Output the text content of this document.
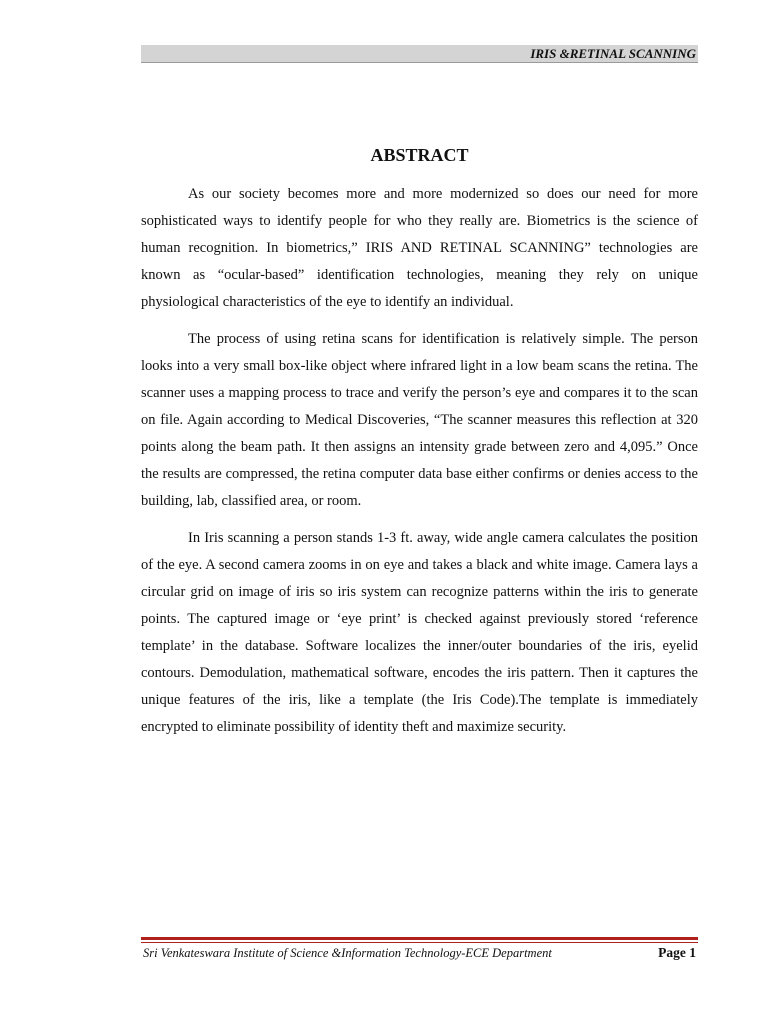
IRIS &RETINAL SCANNING
ABSTRACT

As our society becomes more and more modernized so does our need for more sophisticated ways to identify people for who they really are. Biometrics is the science of human recognition. In biometrics,” IRIS AND RETINAL SCANNING” technologies are known as “ocular-based” identification technologies, meaning they rely on unique physiological characteristics of the eye to identify an individual.

The process of using retina scans for identification is relatively simple. The person looks into a very small box-like object where infrared light in a low beam scans the retina. The scanner uses a mapping process to trace and verify the person’s eye and compares it to the scan on file. Again according to Medical Discoveries, “The scanner measures this reflection at 320 points along the beam path. It then assigns an intensity grade between zero and 4,095.” Once the results are compressed, the retina computer data base either confirms or denies access to the building, lab, classified area, or room.

In Iris scanning a person stands 1-3 ft. away, wide angle camera calculates the position of the eye. A second camera zooms in on eye and takes a black and white image. Camera lays a circular grid on image of iris so iris system can recognize patterns within the iris to generate points. The captured image or ‘eye print’ is checked against previously stored ‘reference template’ in the database. Software localizes the inner/outer boundaries of the iris, eyelid contours. Demodulation, mathematical software, encodes the iris pattern. Then it captures the unique features of the iris, like a template (the Iris Code).The template is immediately encrypted to eliminate possibility of identity theft and maximize security.

Sri Venkateswara Institute of Science &Information Technology-ECE Department	Page 1
